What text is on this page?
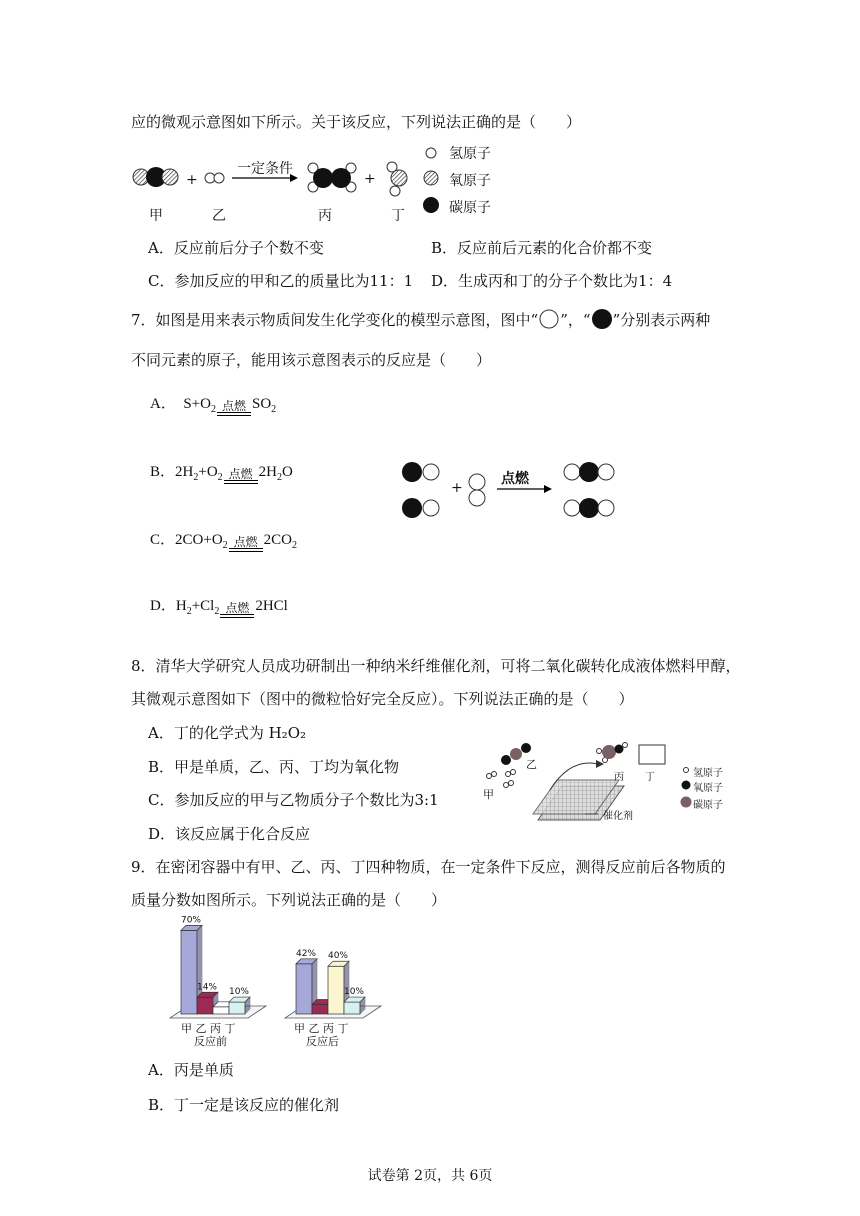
应的微观示意图如下所示。关于该反应，下列说法正确的是（　　）
+	+
一定条件
甲	乙	丙	丁
氢原子
氧原子
碳原子
A．反应前后分子个数不变	B．反应前后元素的化合价都不变
C．参加反应的甲和乙的质量比为11：1 D．生成丙和丁的分子个数比为1：4
7．如图是用来表示物质间发生化学变化的模型示意图，图中“ ”，“ ”分别表示两种
不同元素的原子，能用该示意图表示的反应是（　　）
A．  $S+O_2$ 点燃 $SO_2$
B．$2H_2+O_2$ 点燃 $2H_2O$
C．$2CO+O_2$ 点燃 $2CO_2$
D．$H_2+Cl_2$ 点燃 2HCl
+
点燃
8．清华大学研究人员成功研制出一种纳米纤维催化剂，可将二氧化碳转化成液体燃料甲醇，
其微观示意图如下（图中的微粒恰好完全反应）。下列说法正确的是（　　）
A．丁的化学式为 H₂O₂
B．甲是单质，乙、丙、丁均为氧化物
C．参加反应的甲与乙物质分子个数比为3:1
D．该反应属于化合反应
乙
甲
丙 丁
催化剂
氢原子
氧原子
碳原子
9．在密闭容器中有甲、乙、丙、丁四种物质，在一定条件下反应，测得反应前后各物质的
质量分数如图所示。下列说法正确的是（　　）
70%
14% 10%
42% 40%
10%
甲 乙 丙 丁
反应前
甲 乙 丙 丁
反应后
A．丙是单质
B．丁一定是该反应的催化剂
试卷第 2页，共 6页
